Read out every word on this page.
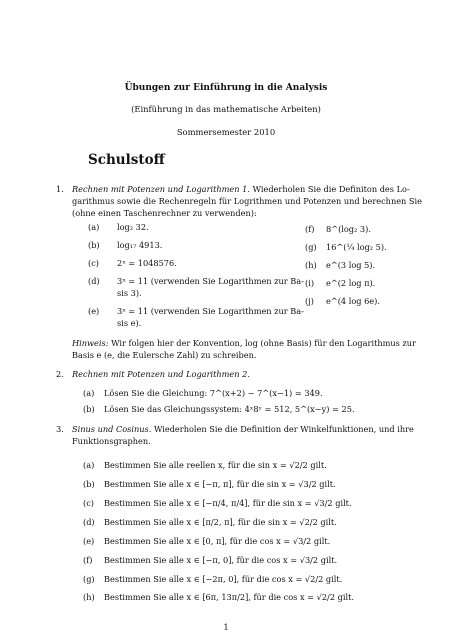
Übungen zur Einführung in die Analysis
(Einführung in das mathematische Arbeiten)
Sommersemester 2010
Schulstoff
1. Rechnen mit Potenzen und Logarithmen 1. Wiederholen Sie die Definiton des Lo-
garithmus sowie die Rechenregeln für Logrithmen und Potenzen und berechnen Sie
(ohne einen Taschenrechner zu verwenden):
(a) log₂ 32.
(b) log₁₇ 4913.
(c) 2ˣ = 1048576.
(d) 3ˣ = 11 (verwenden Sie Logarithmen zur Ba-
sis 3).
(e) 3ˣ = 11 (verwenden Sie Logarithmen zur Ba-
sis e).
(f) 8^(log₂ 3).
(g) 16^(¼ log₂ 5).
(h) e^(3 log 5).
(i) e^(2 log π).
(j) e^(4 log 6e).
Hinweis: Wir folgen hier der Konvention, log (ohne Basis) für den Logarithmus zur
Basis e (e, die Eulersche Zahl) zu schreiben.
2. Rechnen mit Potenzen und Logarithmen 2.
(a) Lösen Sie die Gleichung: 7^(x+2) − 7^(x−1) = 349.
(b) Lösen Sie das Gleichungssystem: 4ˣ8ʸ = 512, 5^(x−y) = 25.
3. Sinus und Cosinus. Wiederholen Sie die Definition der Winkelfunktionen, und ihre
Funktionsgraphen.
(a) Bestimmen Sie alle reellen x, für die sin x = √2/2 gilt.
(b) Bestimmen Sie alle x ∈ [−π, π], für die sin x = √3/2 gilt.
(c) Bestimmen Sie alle x ∈ [−π/4, π/4], für die sin x = √3/2 gilt.
(d) Bestimmen Sie alle x ∈ [π/2, π], für die sin x = √2/2 gilt.
(e) Bestimmen Sie alle x ∈ [0, π], für die cos x = √3/2 gilt.
(f) Bestimmen Sie alle x ∈ [−π, 0], für die cos x = √3/2 gilt.
(g) Bestimmen Sie alle x ∈ [−2π, 0], für die cos x = √2/2 gilt.
1
(h) Bestimmen Sie alle x ∈ [6π, 13π/2], für die cos x = √2/2 gilt.
